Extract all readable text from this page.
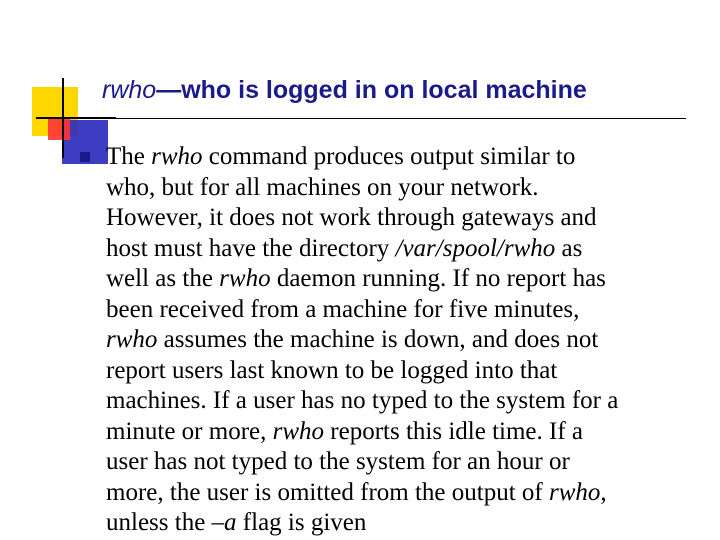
rwho—who is logged in on local machine
The rwho command produces output similar to
who, but for all machines on your network.
However, it does not work through gateways and
host must have the directory /var/spool/rwho as
well as the rwho daemon running. If no report has
been received from a machine for five minutes,
rwho assumes the machine is down, and does not
report users last known to be logged into that
machines. If a user has no typed to the system for a
minute or more, rwho reports this idle time. If a
user has not typed to the system for an hour or
more, the user is omitted from the output of rwho,
unless the –a flag is given
